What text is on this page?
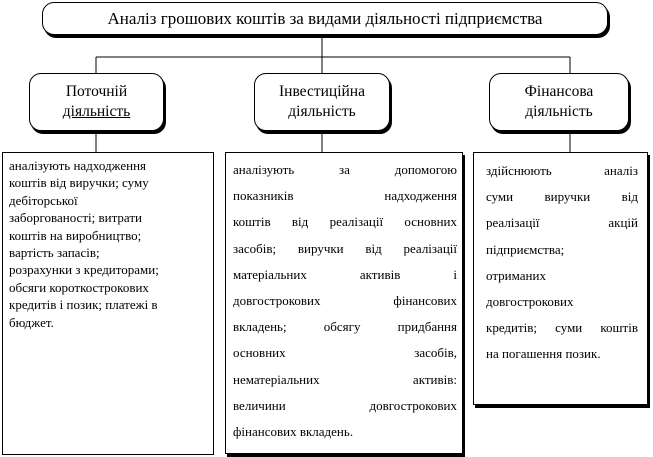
Аналіз грошових коштів за видами діяльності підприємства
Поточній
діяльність
Інвестиційна
діяльність
Фінансова
діяльність
аналізують надходження
коштів від виручки; суму
дебіторської
заборгованості; витрати
коштів на виробництво;
вартість запасів;
розрахунки з кредиторами;
обсяги короткострокових
кредитів і позик; платежі в
бюджет.
аналізують за допомогою
показників надходження
коштів від реалізації основних
засобів; виручки від реалізації
матеріальних активів і
довгострокових фінансових
вкладень; обсягу придбання
основних засобів,
нематеріальних активів:
величини довгострокових
фінансових вкладень.
здійснюють аналіз
суми виручки від
реалізації акцій
підприємства;
отриманих
довгострокових
кредитів; суми коштів
на погашення позик.
